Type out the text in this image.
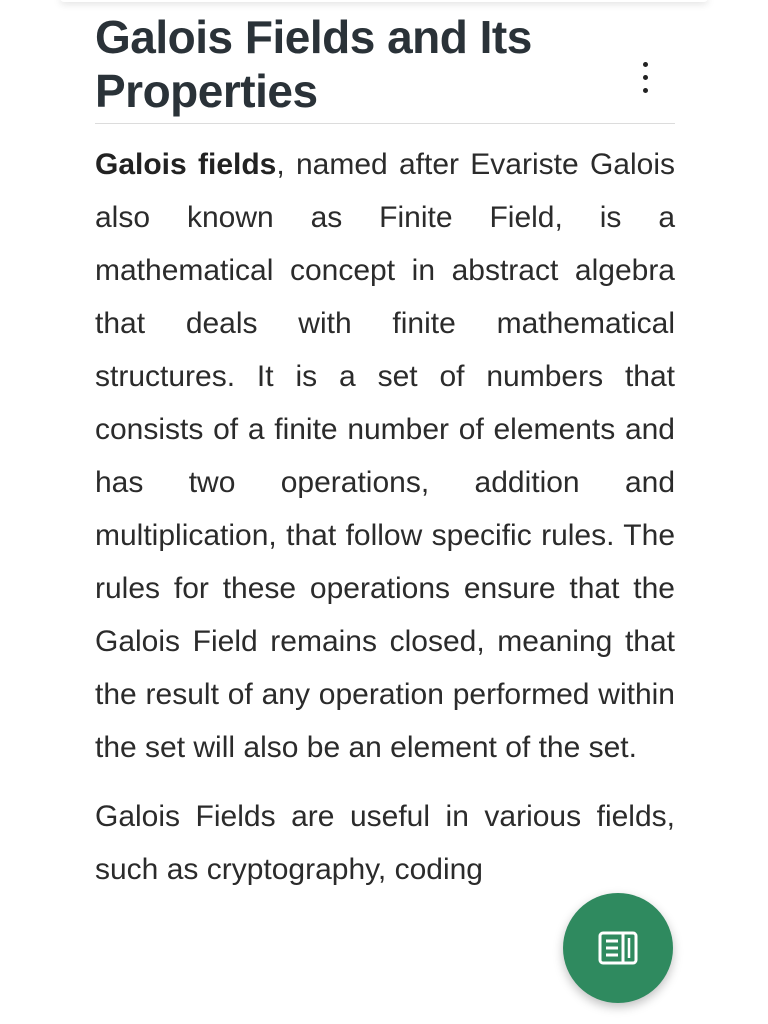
Galois Fields and Its Properties

Galois fields, named after Evariste Galois also known as Finite Field, is a mathematical concept in abstract algebra that deals with finite mathematical structures. It is a set of numbers that consists of a finite number of elements and has two operations, addition and multiplication, that follow specific rules. The rules for these operations ensure that the Galois Field remains closed, meaning that the result of any operation performed within the set will also be an element of the set.

Galois Fields are useful in various fields, such as cryptography, coding
